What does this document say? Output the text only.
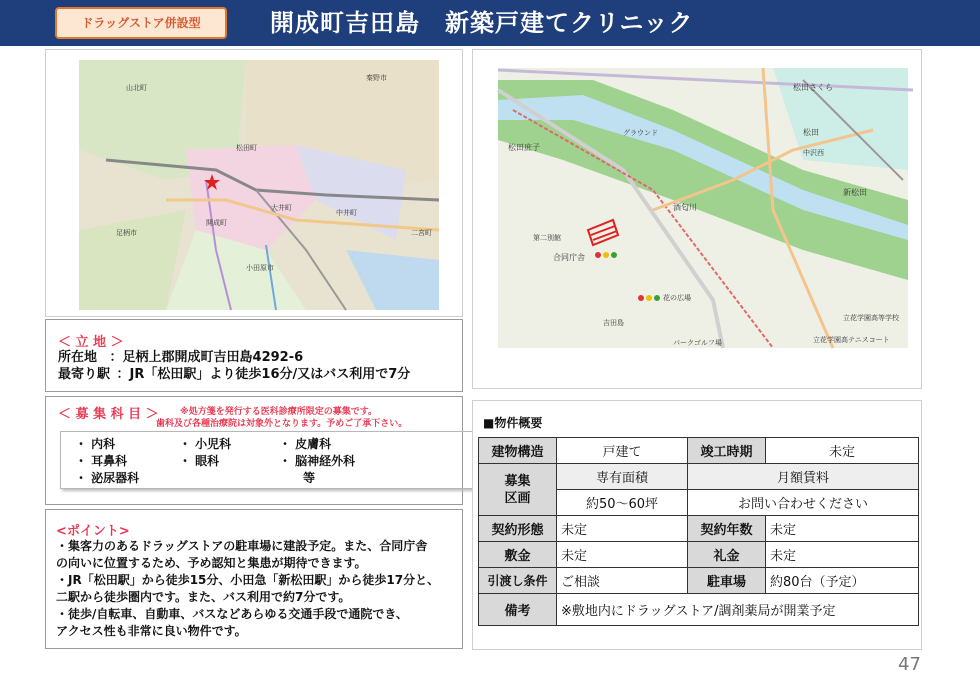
ドラッグストア併設型	開成町吉田島　新築戸建てクリニック
山北町
松田町
秦野市
大井町
開成町
中井町
足柄市
小田原市
二宮町
松田庶子
松田さくら
松田
新松田
中沢西
グラウンド
第二別館
合同庁舎
花の広場
吉田島
酒匂川
パークゴルフ場
立花学園高等学校
立花学園高テニスコート
＜ 立 地 ＞
所在地 ：足柄上郡開成町吉田島4292-6
最寄り駅 ：JR「松田駅」より徒歩16分/又はバス利用で7分
＜ 募 集 科 目 ＞ ※処方箋を発行する医科診療所限定の募集です。
歯科及び各種治療院は対象外となります。予めご了承下さい。
・ 内科
・ 耳鼻科
・ 泌尿器科
・ 小児科
・ 眼科
・ 皮膚科
・ 脳神経外科
等
<ポイント>
・集客力のあるドラッグストアの駐車場に建設予定。また、合同庁舎
の向いに位置するため、予め認知と集患が期待できます。
・JR「松田駅」から徒歩15分、小田急「新松田駅」から徒歩17分と、
二駅から徒歩圏内です。また、バス利用で約7分です。
・徒歩/自転車、自動車、バスなどあらゆる交通手段で通院でき、
アクセス性も非常に良い物件です。
■物件概要
建物構造	戸建て	竣工時期	未定

募集
区画	専有面積	月額賃料	
	約50〜60坪	お問い合わせください	
契約形態	未定	契約年数	未定
敷金	未定	礼金	未定
引渡し条件	ご相談	駐車場	約80台（予定）
備考	※敷地内にドラッグストア/調剤薬局が開業予定		
47
